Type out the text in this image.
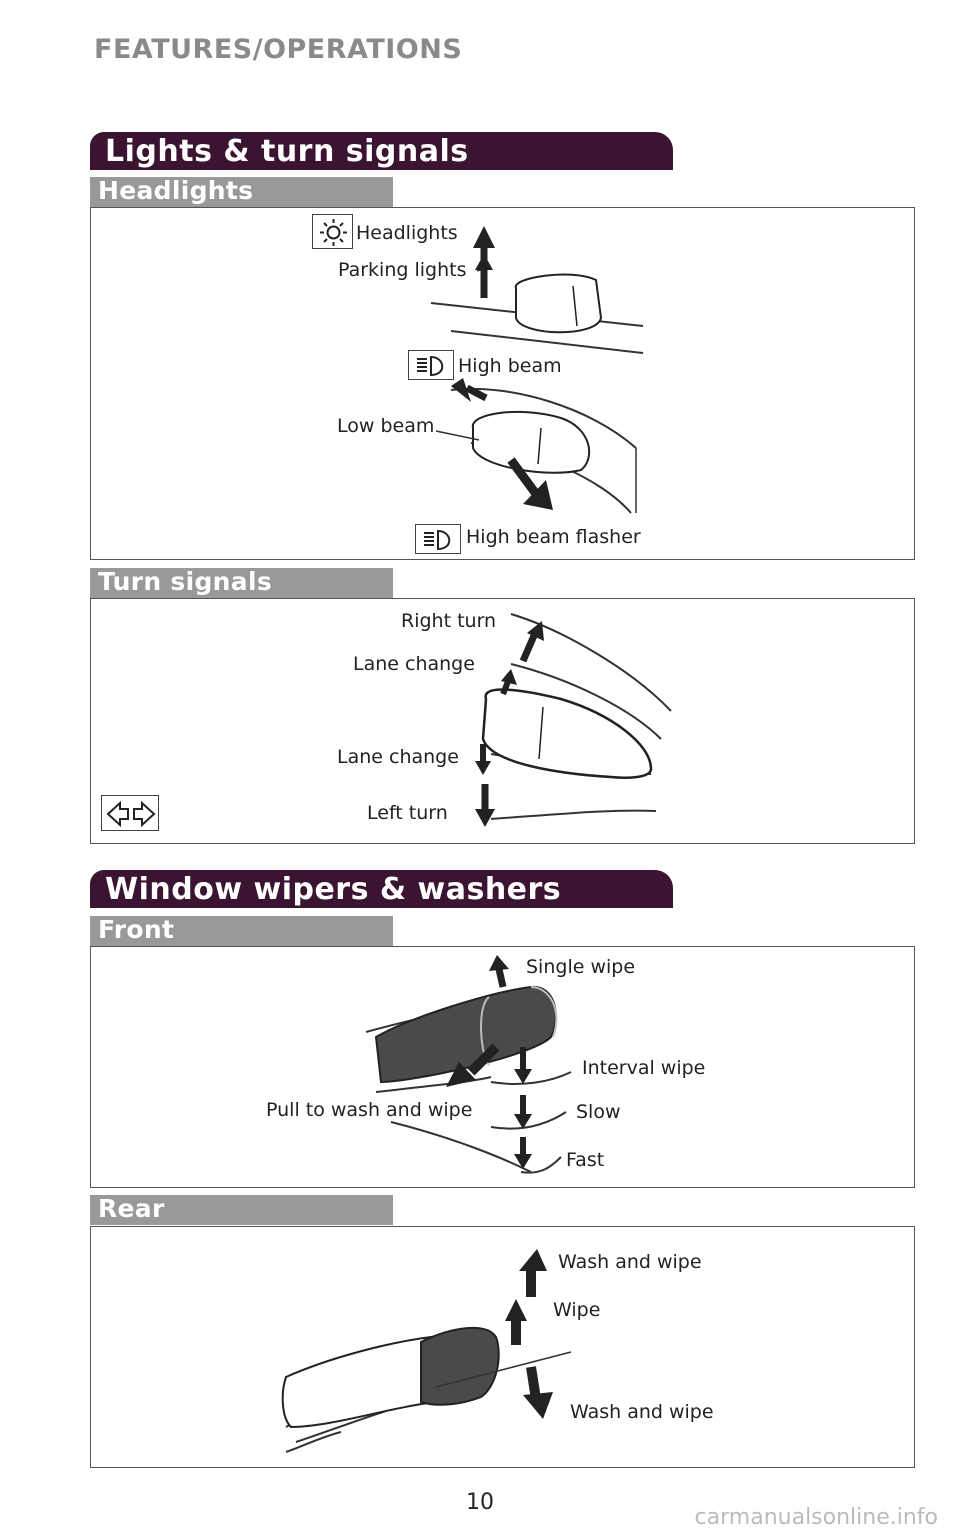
FEATURES/OPERATIONS
Lights & turn signals
Headlights
Headlights
Parking lights
High beam
Low beam
High beam flasher
Turn signals
Right turn
Lane change
Lane change
Left turn
Window wipers & washers
Front
Single wipe
Interval wipe
Pull to wash and wipe	Slow
Fast
Rear
Wash and wipe
Wipe
Wash and wipe
10
carmanualsonline.info
